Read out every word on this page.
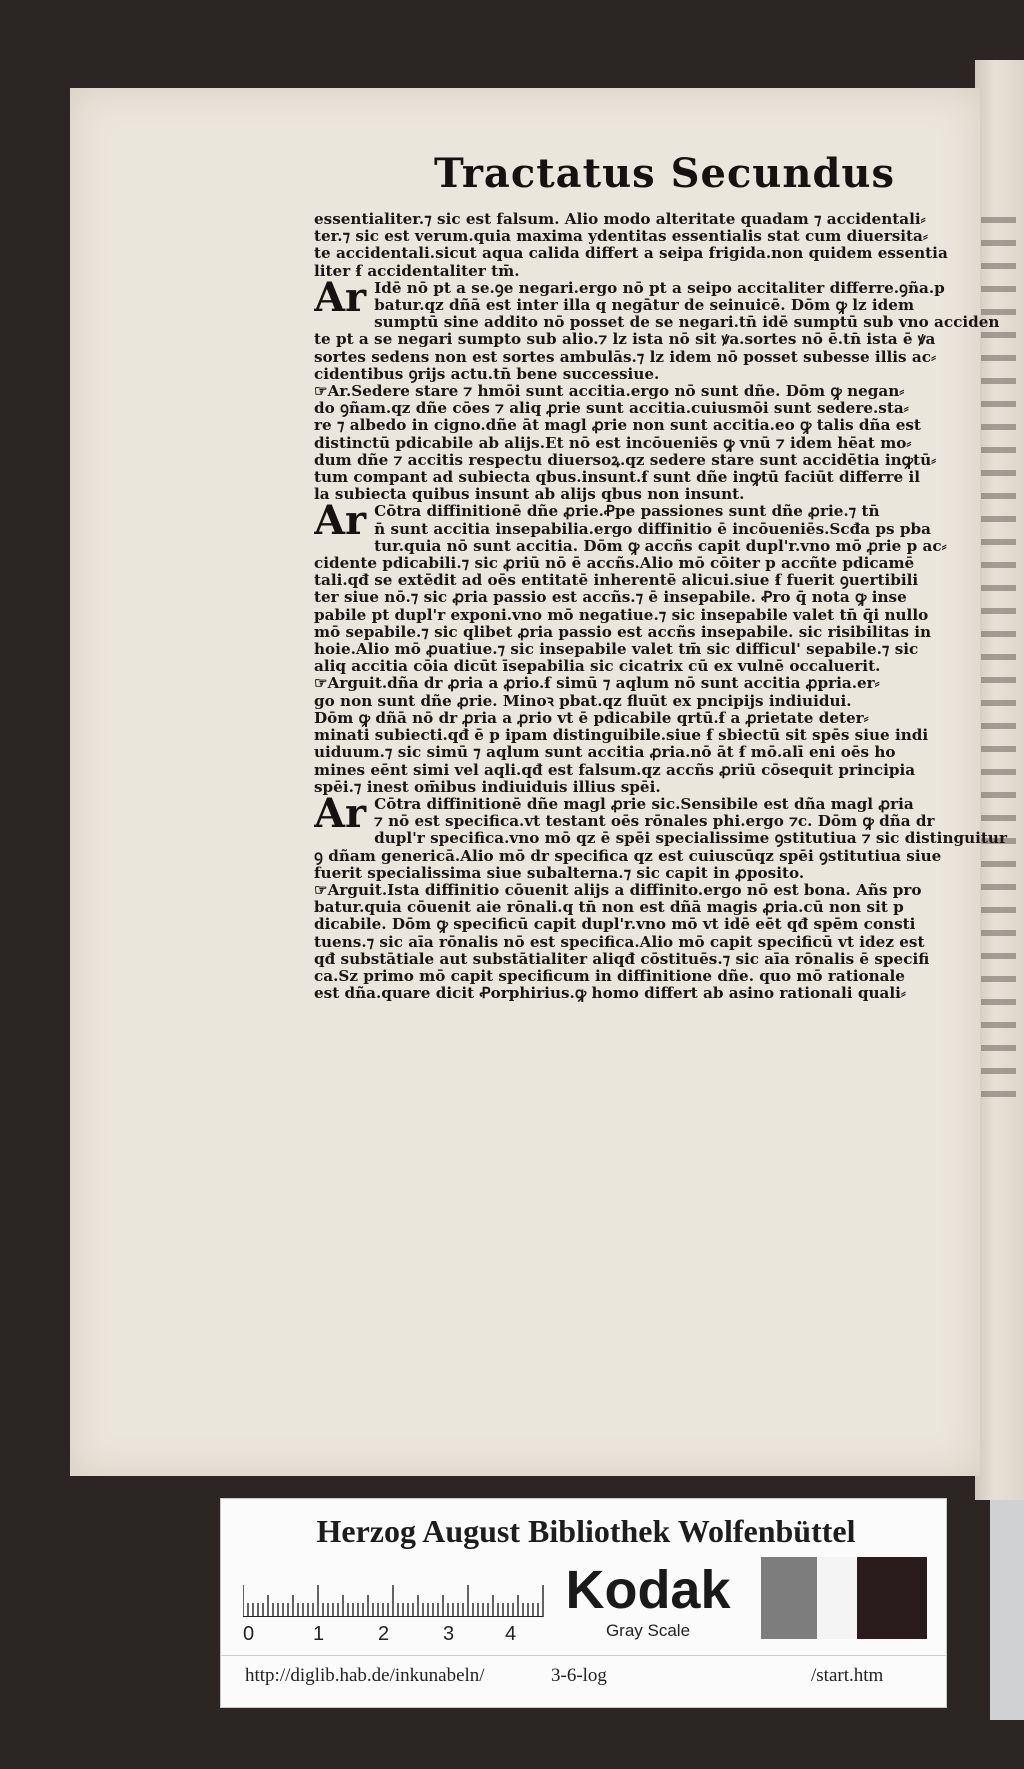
Tractatus Secundus

essentialiter.⁊ sic est falsum. Alio modo alteritate quadam ⁊ accidentali⸗

ter.⁊ sic est verum.quia maxima ydentitas essentialis stat cum diuersita⸗

te accidentali.sicut aqua calida differt a seipa frigida.non quidem essentia

liter ẜ accidentaliter tm̄.

Ar Idē nō pt a se.ꝯe negari.ergo nō pt a seipo accitaliter differre.ꝯña.p

batur.qz dñā est inter illa q negātur de seinuicē. Dōm ꝙ lz idem

sumptū sine addito nō posset de se negari.tn̄ idē sumptū sub vno acciden

te pt a se negari sumpto sub alio.⁊ lz ista nō sit ꝟa.sortes nō ē.tn̄ ista ē ꝟa

sortes sedens non est sortes ambulās.⁊ lz idem nō posset subesse illis ac⸗

cidentibus ꝯrijs actu.tn̄ bene successiue.

☞Ar.Sedere stare ⁊ hmōi sunt accitia.ergo nō sunt dñe. Dōm ꝙ negan⸗

do ꝯñam.qz dñe cōes ⁊ aliq ꝓrie sunt accitia.cuiusmōi sunt sedere.sta⸗

re ⁊ albedo in cigno.dñe āt magl ꝓrie non sunt accitia.eo ꝙ talis dña est

distinctū pdicabile ab alijs.Et nō est incōueniēs ꝙ vnū ⁊ idem hēat mo⸗

dum dñe ⁊ accitis respectu diuersoꝝ.qz sedere stare sunt accidētia inꝙtū⸗

tum compant ad subiecta qbus.insunt.ẜ sunt dñe inꝙtū faciūt differre il

la subiecta quibus insunt ab alijs qbus non insunt.

Ar Cōtra diffinitionē dñe ꝓrie.Ꝓpe passiones sunt dñe ꝓrie.⁊ tn̄

n̄ sunt accitia insepabilia.ergo diffinitio ē incōueniēs.Scđa ps pba

tur.quia nō sunt accitia. Dōm ꝙ accñs capit dupl'r.vno mō ꝓrie p ac⸗

cidente pdicabili.⁊ sic ꝓriū nō ē accñs.Alio mō cōiter p accñte pdicamē

tali.qđ se extēdit ad oēs entitatē inherentē alicui.siue ẜ fuerit ꝯuertibili

ter siue nō.⁊ sic ꝓria passio est accñs.⁊ ē insepabile. Ꝓro q̄ nota ꝙ inse

pabile pt dupl'r exponi.vno mō negatiue.⁊ sic insepabile valet tn̄ q̄i nullo

mō sepabile.⁊ sic qlibet ꝓria passio est accñs insepabile. sic risibilitas in

hoie.Alio mō ꝓuatiue.⁊ sic insepabile valet tm̄ sic difficul' sepabile.⁊ sic

aliq accitia cōia dicūt īsepabilia sic cicatrix cū ex vulnē occaluerit.

☞Arguit.dña dr ꝓria a ꝓrio.ẜ simū ⁊ aqlum nō sunt accitia ꝓpria.er⸗

go non sunt dñe ꝓrie. Minoꝛ pbat.qz fluūt ex pncipijs indiuidui.

Dōm ꝙ dñā nō dr ꝓria a ꝓrio vt ē pdicabile qrtū.ẜ a ꝓrietate deter⸗

minati subiecti.qđ ē p ipam distinguibile.siue ẜ sbiectū sit spēs siue indi

uiduum.⁊ sic simū ⁊ aqlum sunt accitia ꝓria.nō āt ẜ mō.alī eni oēs ho

mines eēnt simi vel aqli.qđ est falsum.qz accñs ꝓriū cōsequit principia

spēi.⁊ inest om̄ibus indiuiduis illius spēi.

Ar Cōtra diffinitionē dñe magl ꝓrie sic.Sensibile est dña magl ꝓria

⁊ nō est specifica.vt testant oēs rōnales phi.ergo ⁊c. Dōm ꝙ dña dr

dupl'r specifica.vno mō qz ē spēi specialissime ꝯstitutiua ⁊ sic distinguitur

ꝯ dñam genericā.Alio mō dr specifica qz est cuiuscūqz spēi ꝯstitutiua siue

fuerit specialissima siue subalterna.⁊ sic capit in ꝓposito.

☞Arguit.Ista diffinitio cōuenit alijs a diffinito.ergo nō est bona. Añs pro

batur.quia cōuenit aie rōnali.q tn̄ non est dñā magis ꝓria.cū non sit p

dicabile. Dōm ꝙ specificū capit dupl'r.vno mō vt idē eēt qđ spēm consti

tuens.⁊ sic aīa rōnalis nō est specifica.Alio mō capit specificū vt idez est

qđ substātiale aut substātialiter aliqđ cōstituēs.⁊ sic aīa rōnalis ē specifi

ca.Sz primo mō capit specificum in diffinitione dñe. quo mō rationale

est dña.quare dicit Ꝓorphirius.ꝙ homo differt ab asino rationali quali⸗

Herzog August Bibliothek Wolfenbüttel
0	1	2	3	4
Kodak
Gray Scale
http://diglib.hab.de/inkunabeln/	3-6-log	/start.htm
